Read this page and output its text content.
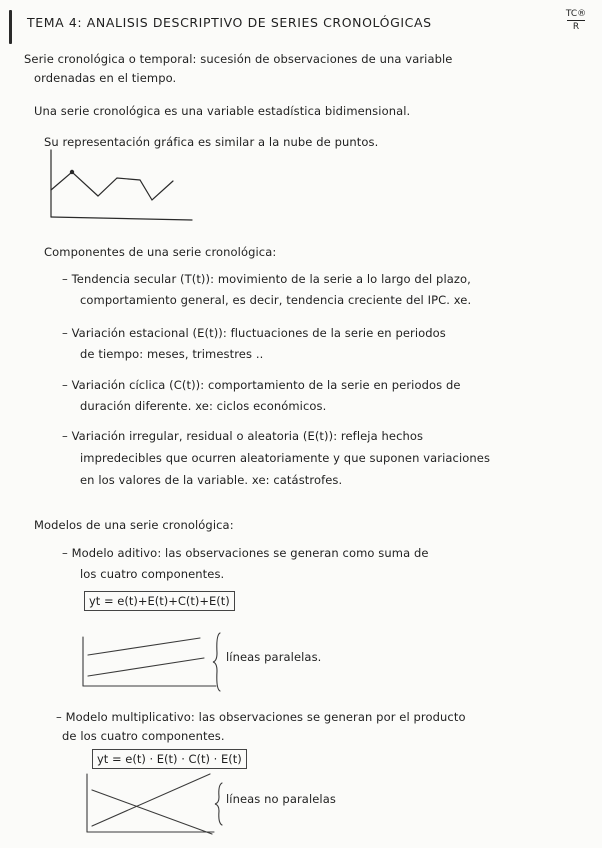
TEMA 4: ANALISIS DESCRIPTIVO DE SERIES CRONOLÓGICAS
TC®
R
Serie cronológica o temporal: sucesión de observaciones de una variable
ordenadas en el tiempo.
Una serie cronológica es una variable estadística bidimensional.
Su representación gráfica es similar a la nube de puntos.
Componentes de una serie cronológica:
– Tendencia secular (T(t)): movimiento de la serie a lo largo del plazo,
comportamiento general, es decir, tendencia creciente del IPC. xe.
– Variación estacional (E(t)): fluctuaciones de la serie en periodos
de tiempo: meses, trimestres ..
– Variación cíclica (C(t)): comportamiento de la serie en periodos de
duración diferente. xe: ciclos económicos.
– Variación irregular, residual o aleatoria (E(t)): refleja hechos
impredecibles que ocurren aleatoriamente y que suponen variaciones
en los valores de la variable. xe: catástrofes.
Modelos de una serie cronológica:
– Modelo aditivo: las observaciones se generan como suma de
los cuatro componentes.
yt = e(t)+E(t)+C(t)+E(t)
líneas paralelas.
– Modelo multiplicativo: las observaciones se generan por el producto
de los cuatro componentes.
yt = e(t) · E(t) · C(t) · E(t)
líneas no paralelas
